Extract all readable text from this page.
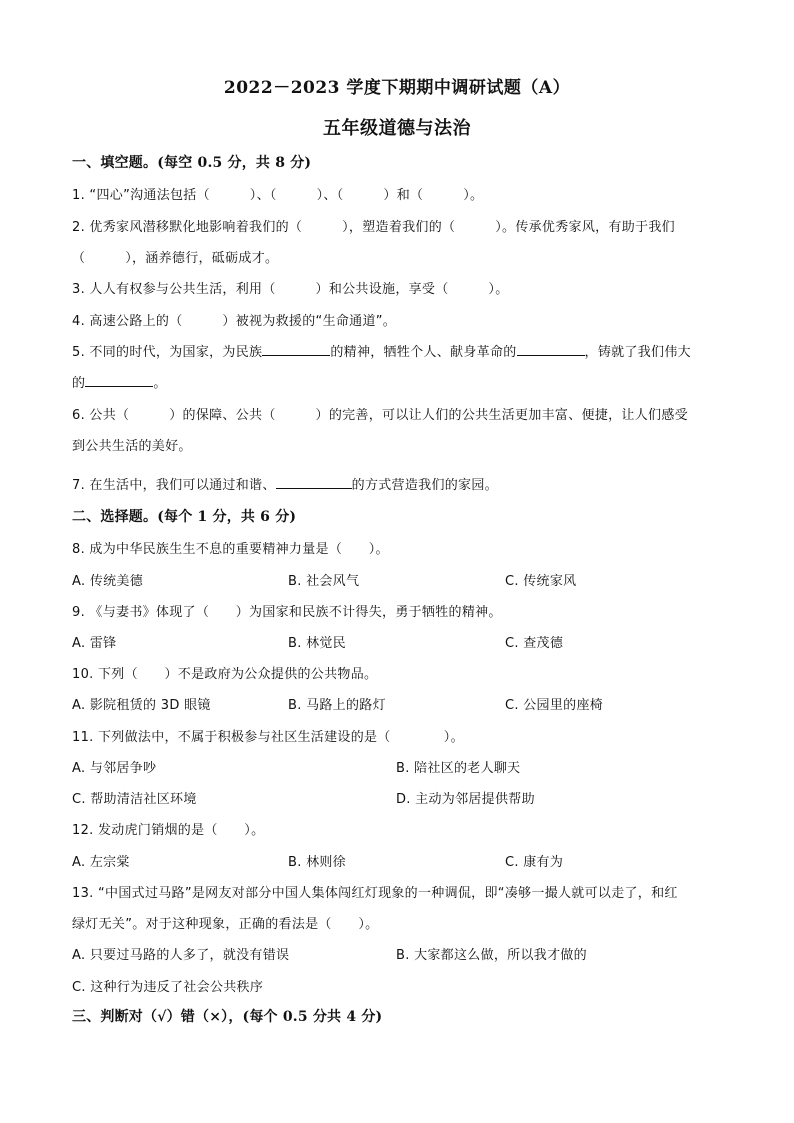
2022－2023 学度下期期中调研试题（A）
五年级道德与法治
一、填空题。(每空 0.5 分，共 8 分)
1. “四心”沟通法包括（　　　）、（　　　）、（　　　）和（　　　）。
2. 优秀家风潜移默化地影响着我们的（　　　），塑造着我们的（　　　）。传承优秀家风，有助于我们
（　　　），涵养德行，砥砺成才。
3. 人人有权参与公共生活，利用（　　　）和公共设施，享受（　　　）。
4. 高速公路上的（　　　）被视为救援的“生命通道”。
5. 不同的时代，为国家，为民族	的精神，牺牲个人、献身革命的	，铸就了我们伟大
的	。
6. 公共（　　　）的保障、公共（　　　）的完善，可以让人们的公共生活更加丰富、便捷，让人们感受
到公共生活的美好。
7. 在生活中，我们可以通过和谐、	的方式营造我们的家园。
二、选择题。(每个 1 分，共 6 分)
8. 成为中华民族生生不息的重要精神力量是（　　）。
A. 传统美德	B. 社会风气	C. 传统家风
9. 《与妻书》体现了（　　）为国家和民族不计得失，勇于牺牲的精神。
A. 雷锋	B. 林觉民	C. 查茂德
10. 下列（　　）不是政府为公众提供的公共物品。
A. 影院租赁的 3D 眼镜	B. 马路上的路灯	C. 公园里的座椅
11. 下列做法中，不属于积极参与社区生活建设的是（　　　　）。
A. 与邻居争吵	B. 陪社区的老人聊天
C. 帮助清洁社区环境	D. 主动为邻居提供帮助
12. 发动虎门销烟的是（　　）。
A. 左宗棠	B. 林则徐	C. 康有为
13. “中国式过马路”是网友对部分中国人集体闯红灯现象的一种调侃，即“凑够一撮人就可以走了，和红
绿灯无关”。对于这种现象，正确的看法是（　　）。
A. 只要过马路的人多了，就没有错误	B. 大家都这么做，所以我才做的
C. 这种行为违反了社会公共秩序
三、判断对（√）错（×），(每个 0.5 分共 4 分)
